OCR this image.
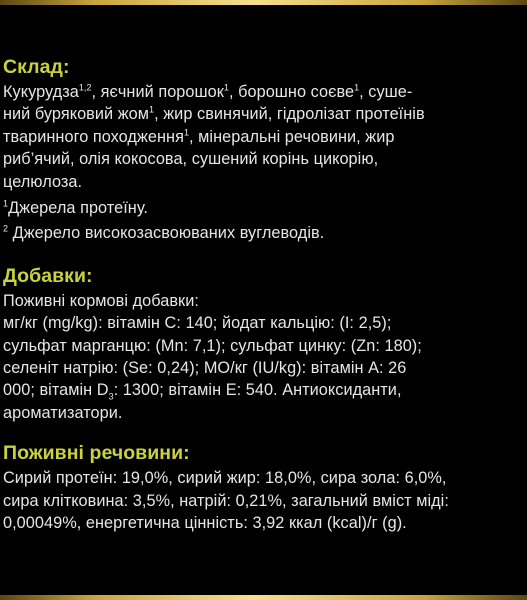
Склад:
Кукурудза$^{1,2}$, яєчний порошок$^1$, борошно соєве$^1$, суше-
ний буряковий жом$^1$, жир свинячий, гідролізат протеїнів
тваринного походження$^1$, мінеральні речовини, жир
риб’ячий, олія кокосова, сушений корінь цикорію,
целюлоза.
$^1$Джерела протеїну.
$^2$ Джерело високозасвоюваних вуглеводів.
Добавки:
Поживні кормові добавки:
мг/кг (mg/kg): вітамін С: 140; йодат кальцію: (І: 2,5);
сульфат марганцю: (Mn: 7,1); сульфат цинку: (Zn: 180);
селеніт натрію: (Se: 0,24); МО/кг (IU/kg): вітамін А: 26
000; вітамін $D_3$: 1300; вітамін Е: 540. Антиоксиданти,
ароматизатори.
Поживні речовини:
Сирий протеїн: 19,0%, сирий жир: 18,0%, сира зола: 6,0%,
сира клітковина: 3,5%, натрій: 0,21%, загальний вміст міді:
0,00049%, енергетична цінність: 3,92 ккал (kcal)/г (g).
